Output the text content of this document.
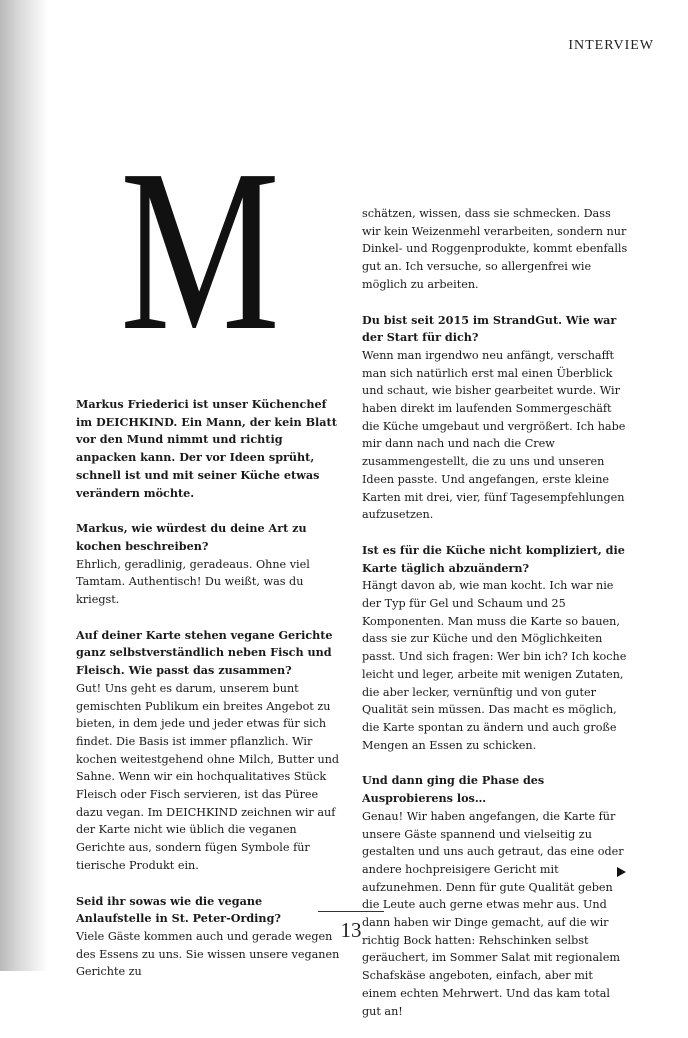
INTERVIEW
M

Markus Friederici ist unser Küchenchef im DEICHKIND. Ein Mann, der kein Blatt vor den Mund nimmt und richtig anpacken kann. Der vor Ideen sprüht, schnell ist und mit seiner Küche etwas verändern möchte.

Markus, wie würdest du deine Art zu kochen beschreiben?

Ehrlich, geradlinig, geradeaus. Ohne viel Tamtam. Authentisch! Du weißt, was du kriegst.

Auf deiner Karte stehen vegane Gerichte ganz selbstverständlich neben Fisch und Fleisch. Wie passt das zusammen?

Gut! Uns geht es darum, unserem bunt gemischten Publikum ein breites Angebot zu bieten, in dem jede und jeder etwas für sich findet. Die Basis ist immer pflanzlich. Wir kochen weitestgehend ohne Milch, Butter und Sahne. Wenn wir ein hochqualitatives Stück Fleisch oder Fisch servieren, ist das Püree dazu vegan. Im DEICHKIND zeichnen wir auf der Karte nicht wie üblich die veganen Gerichte aus, sondern fügen Symbole für tierische Produkt ein.

Seid ihr sowas wie die vegane Anlaufstelle in St. Peter-Ording?

Viele Gäste kommen auch und gerade wegen des Essens zu uns. Sie wissen unsere veganen Gerichte zu

schätzen, wissen, dass sie schmecken. Dass wir kein Weizenmehl verarbeiten, sondern nur Dinkel- und Roggenprodukte, kommt ebenfalls gut an. Ich versuche, so allergenfrei wie möglich zu arbeiten.

Du bist seit 2015 im StrandGut. Wie war der Start für dich?

Wenn man irgendwo neu anfängt, verschafft man sich natürlich erst mal einen Überblick und schaut, wie bisher gearbeitet wurde. Wir haben direkt im laufenden Sommergeschäft die Küche umgebaut und vergrößert. Ich habe mir dann nach und nach die Crew zusammengestellt, die zu uns und unseren Ideen passte. Und angefangen, erste kleine Karten mit drei, vier, fünf Tagesempfehlungen aufzusetzen.

Ist es für die Küche nicht kompliziert, die Karte täglich abzuändern?

Hängt davon ab, wie man kocht. Ich war nie der Typ für Gel und Schaum und 25 Komponenten. Man muss die Karte so bauen, dass sie zur Küche und den Möglichkeiten passt. Und sich fragen: Wer bin ich? Ich koche leicht und leger, arbeite mit wenigen Zutaten, die aber lecker, vernünftig und von guter Qualität sein müssen. Das macht es möglich, die Karte spontan zu ändern und auch große Mengen an Essen zu schicken.

Und dann ging die Phase des Ausprobierens los…

Genau! Wir haben angefangen, die Karte für unsere Gäste spannend und vielseitig zu gestalten und uns auch getraut, das eine oder andere hochpreisigere Gericht mit aufzunehmen. Denn für gute Qualität geben die Leute auch gerne etwas mehr aus. Und dann haben wir Dinge gemacht, auf die wir richtig Bock hatten: Rehschinken selbst geräuchert, im Sommer Salat mit regionalem Schafskäse angeboten, einfach, aber mit einem echten Mehrwert. Und das kam total gut an!

13
